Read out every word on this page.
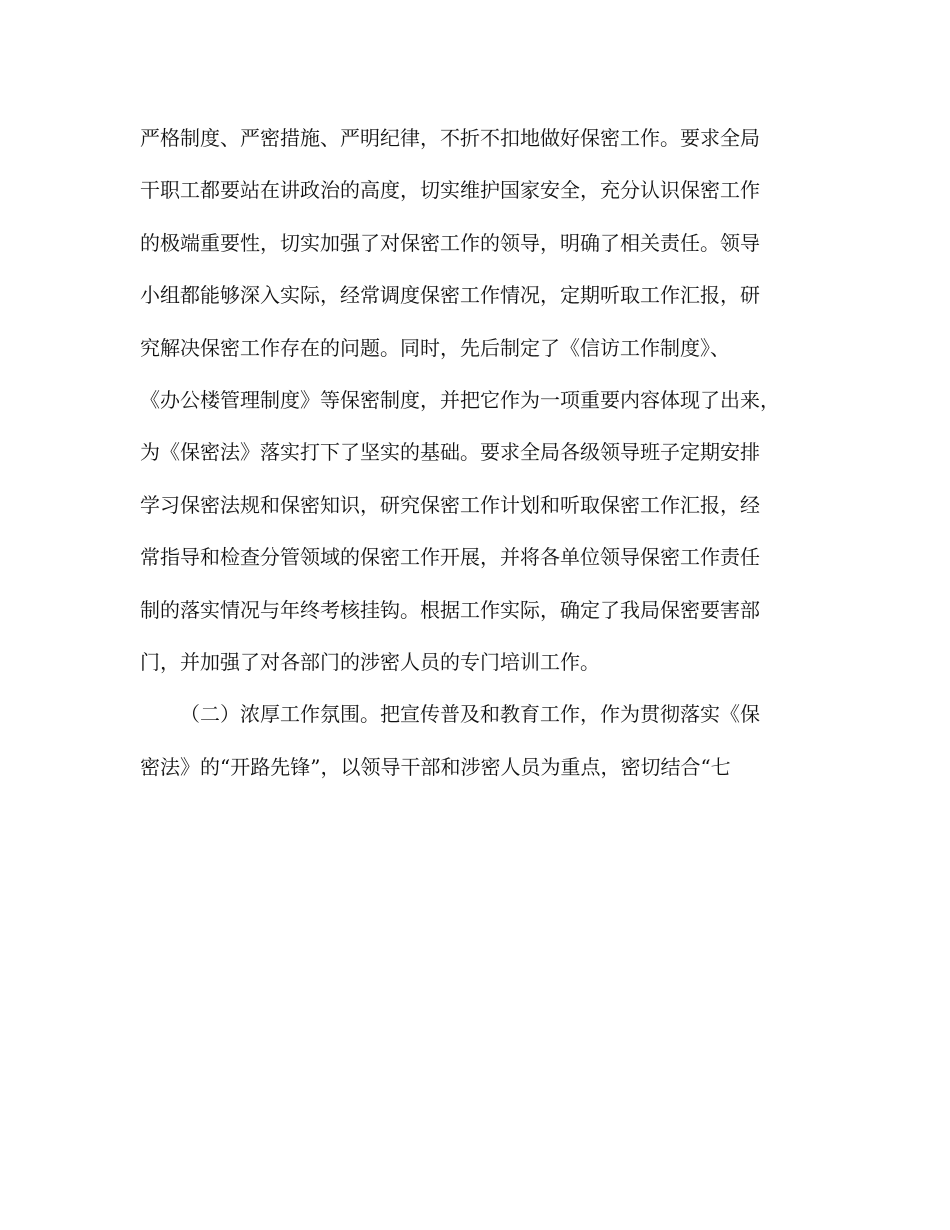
严格制度、严密措施、严明纪律，不折不扣地做好保密工作。要求全局
干职工都要站在讲政治的高度，切实维护国家安全，充分认识保密工作
的极端重要性，切实加强了对保密工作的领导，明确了相关责任。领导
小组都能够深入实际，经常调度保密工作情况，定期听取工作汇报，研
究解决保密工作存在的问题。同时，先后制定了《信访工作制度》、
《办公楼管理制度》等保密制度，并把它作为一项重要内容体现了出来，
为《保密法》落实打下了坚实的基础。要求全局各级领导班子定期安排
学习保密法规和保密知识，研究保密工作计划和听取保密工作汇报，经
常指导和检查分管领域的保密工作开展，并将各单位领导保密工作责任
制的落实情况与年终考核挂钩。根据工作实际，确定了我局保密要害部
门，并加强了对各部门的涉密人员的专门培训工作。
（二）浓厚工作氛围。把宣传普及和教育工作，作为贯彻落实《保
密法》的“开路先锋”，以领导干部和涉密人员为重点，密切结合“七
